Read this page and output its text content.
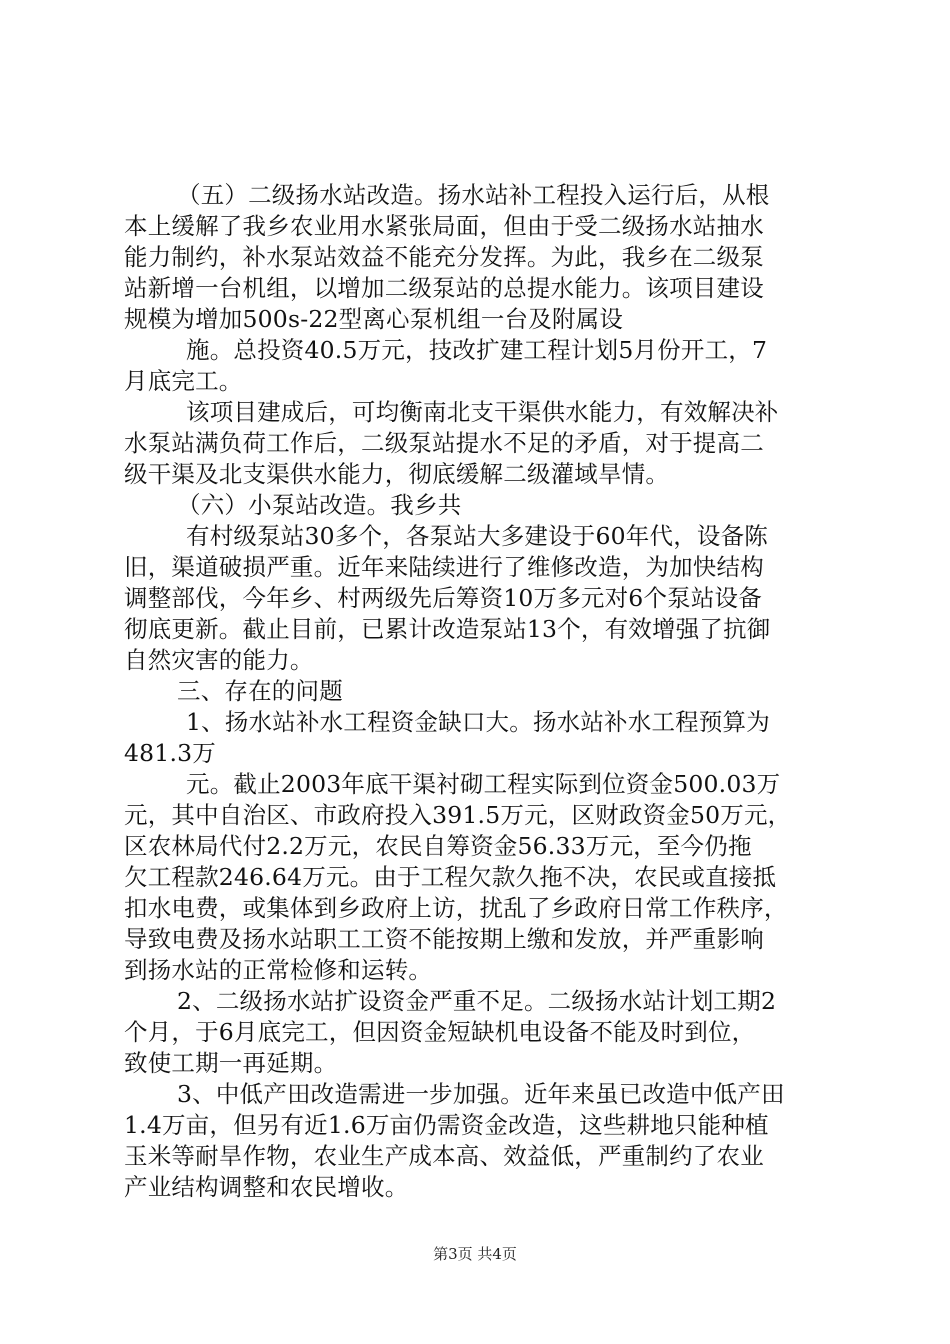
（五）二级扬水站改造。扬水站补工程投入运行后，从根
本上缓解了我乡农业用水紧张局面，但由于受二级扬水站抽水
能力制约，补水泵站效益不能充分发挥。为此，我乡在二级泵
站新增一台机组，以增加二级泵站的总提水能力。该项目建设
规模为增加500s-22型离心泵机组一台及附属设
施。总投资40.5万元，技改扩建工程计划5月份开工，7
月底完工。
该项目建成后，可均衡南北支干渠供水能力，有效解决补
水泵站满负荷工作后，二级泵站提水不足的矛盾，对于提高二
级干渠及北支渠供水能力，彻底缓解二级灌域旱情。
（六）小泵站改造。我乡共
有村级泵站30多个，各泵站大多建设于60年代，设备陈
旧，渠道破损严重。近年来陆续进行了维修改造，为加快结构
调整部伐，今年乡、村两级先后筹资10万多元对6个泵站设备
彻底更新。截止目前，已累计改造泵站13个，有效增强了抗御
自然灾害的能力。
三、存在的问题
1、扬水站补水工程资金缺口大。扬水站补水工程预算为
481.3万
元。截止2003年底干渠衬砌工程实际到位资金500.03万
元，其中自治区、市政府投入391.5万元，区财政资金50万元，
区农林局代付2.2万元，农民自筹资金56.33万元，至今仍拖
欠工程款246.64万元。由于工程欠款久拖不决，农民或直接抵
扣水电费，或集体到乡政府上访，扰乱了乡政府日常工作秩序，
导致电费及扬水站职工工资不能按期上缴和发放，并严重影响
到扬水站的正常检修和运转。
2、二级扬水站扩设资金严重不足。二级扬水站计划工期2
个月，于6月底完工，但因资金短缺机电设备不能及时到位，
致使工期一再延期。
3、中低产田改造需进一步加强。近年来虽已改造中低产田
1.4万亩，但另有近1.6万亩仍需资金改造，这些耕地只能种植
玉米等耐旱作物，农业生产成本高、效益低，严重制约了农业
产业结构调整和农民增收。
第3页 共4页
